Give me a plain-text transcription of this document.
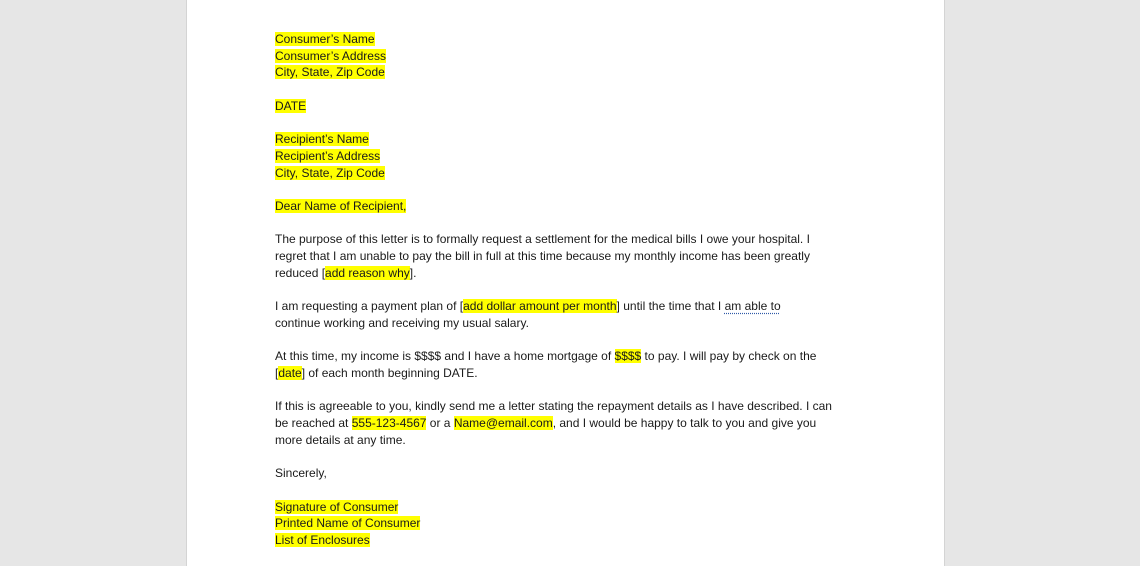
Consumer’s Name
Consumer’s Address
City, State, Zip Code
DATE
Recipient’s Name
Recipient’s Address
City, State, Zip Code
Dear Name of Recipient,
The purpose of this letter is to formally request a settlement for the medical bills I owe your hospital. I
regret that I am unable to pay the bill in full at this time because my monthly income has been greatly
reduced [add reason why].
I am requesting a payment plan of [add dollar amount per month] until the time that I am able to
continue working and receiving my usual salary.
At this time, my income is $$$$ and I have a home mortgage of $$$$ to pay. I will pay by check on the
[date] of each month beginning DATE.
If this is agreeable to you, kindly send me a letter stating the repayment details as I have described. I can
be reached at 555-123-4567 or a Name@email.com, and I would be happy to talk to you and give you
more details at any time.
Sincerely,
Signature of Consumer
Printed Name of Consumer
List of Enclosures
